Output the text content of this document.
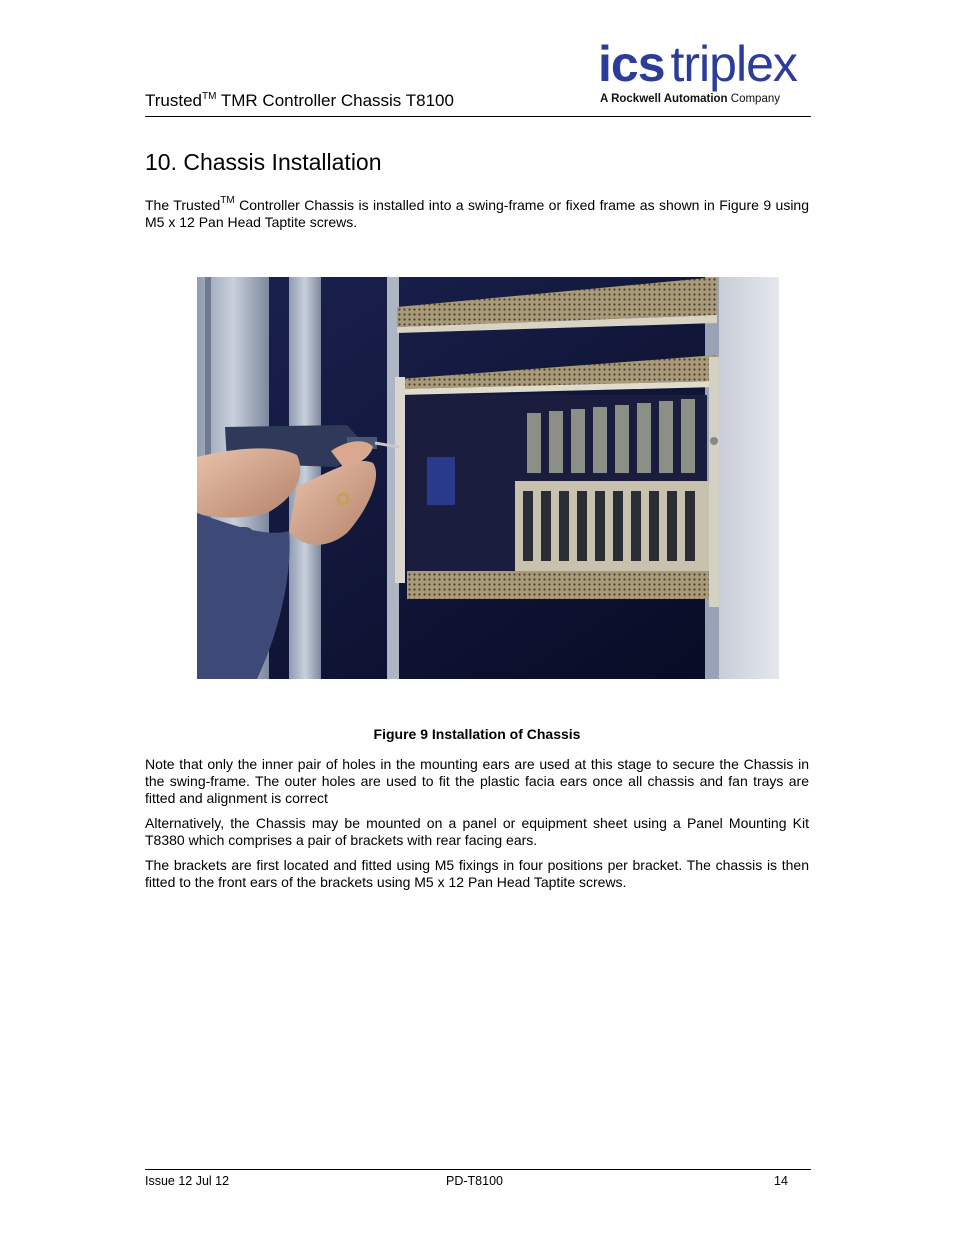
Trusted™ TMR Controller Chassis T8100
ics triplex
A Rockwell Automation Company
10. Chassis Installation

The Trusted™ Controller Chassis is installed into a swing-frame or fixed frame as shown in Figure 9 using M5 x 12 Pan Head Taptite screws.

Figure 9 Installation of Chassis

Note that only the inner pair of holes in the mounting ears are used at this stage to secure the Chassis in the swing-frame. The outer holes are used to fit the plastic facia ears once all chassis and fan trays are fitted and alignment is correct

Alternatively, the Chassis may be mounted on a panel or equipment sheet using a Panel Mounting Kit T8380 which comprises a pair of brackets with rear facing ears.

The brackets are first located and fitted using M5 fixings in four positions per bracket. The chassis is then fitted to the front ears of the brackets using M5 x 12 Pan Head Taptite screws.

Issue 12 Jul 12	PD-T8100	14
